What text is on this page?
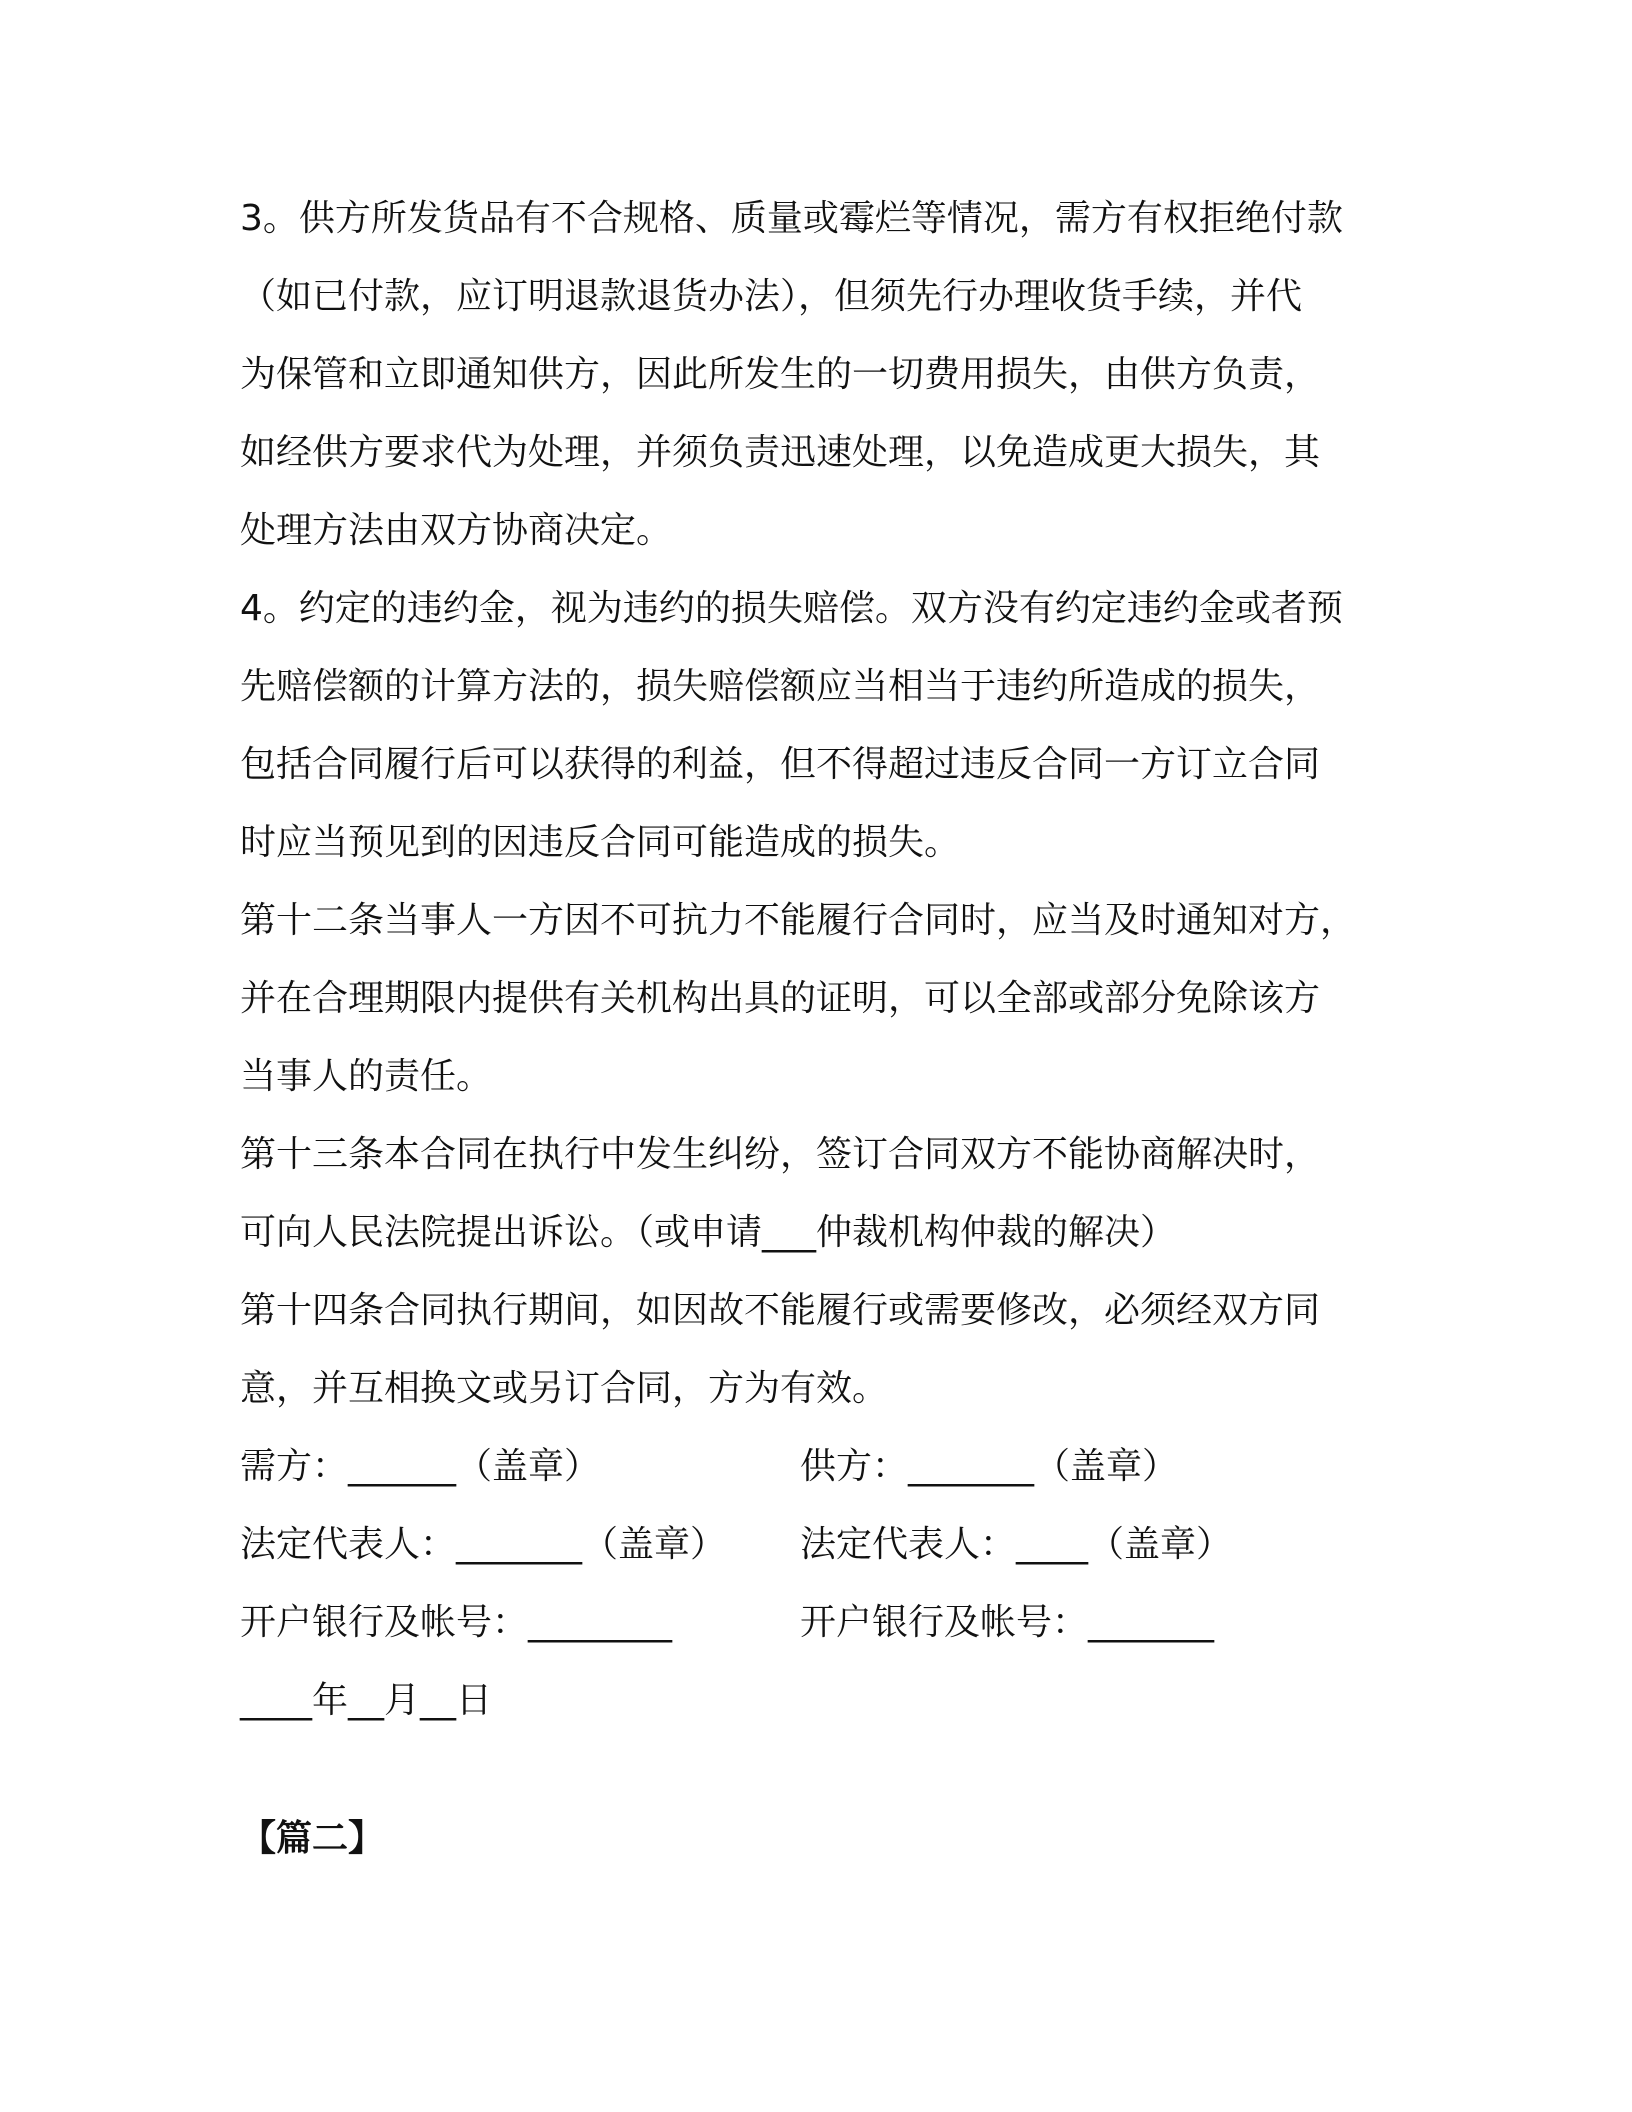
3。供方所发货品有不合规格、质量或霉烂等情况，需方有权拒绝付款

（如已付款，应订明退款退货办法），但须先行办理收货手续，并代

为保管和立即通知供方，因此所发生的一切费用损失，由供方负责，

如经供方要求代为处理，并须负责迅速处理，以免造成更大损失，其

处理方法由双方协商决定。

4。约定的违约金，视为违约的损失赔偿。双方没有约定违约金或者预

先赔偿额的计算方法的，损失赔偿额应当相当于违约所造成的损失，

包括合同履行后可以获得的利益，但不得超过违反合同一方订立合同

时应当预见到的因违反合同可能造成的损失。

第十二条当事人一方因不可抗力不能履行合同时，应当及时通知对方，

并在合理期限内提供有关机构出具的证明，可以全部或部分免除该方

当事人的责任。

第十三条本合同在执行中发生纠纷，签订合同双方不能协商解决时，

可向人民法院提出诉讼。（或申请___仲裁机构仲裁的解决）

第十四条合同执行期间，如因故不能履行或需要修改，必须经双方同

意，并互相换文或另订合同，方为有效。

需方：______（盖章）	供方：_______（盖章）
法定代表人：_______（盖章） 法定代表人：____（盖章）
开户银行及帐号：________	开户银行及帐号：_______
____年__月__日
【篇二】
